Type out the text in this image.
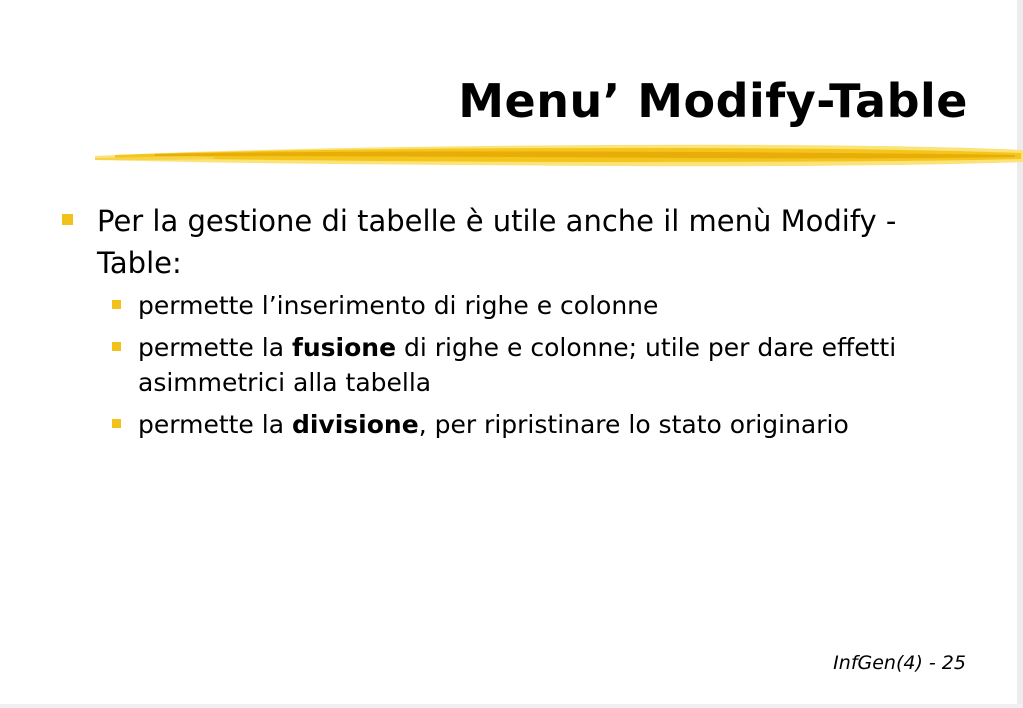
Menu’ Modify-Table
Per la gestione di tabelle è utile anche il menù Modify - Table:
permette l’inserimento di righe e colonne
permette la fusione di righe e colonne; utile per dare effetti asimmetrici alla tabella
permette la divisione, per ripristinare lo stato originario
InfGen(4) - 25
